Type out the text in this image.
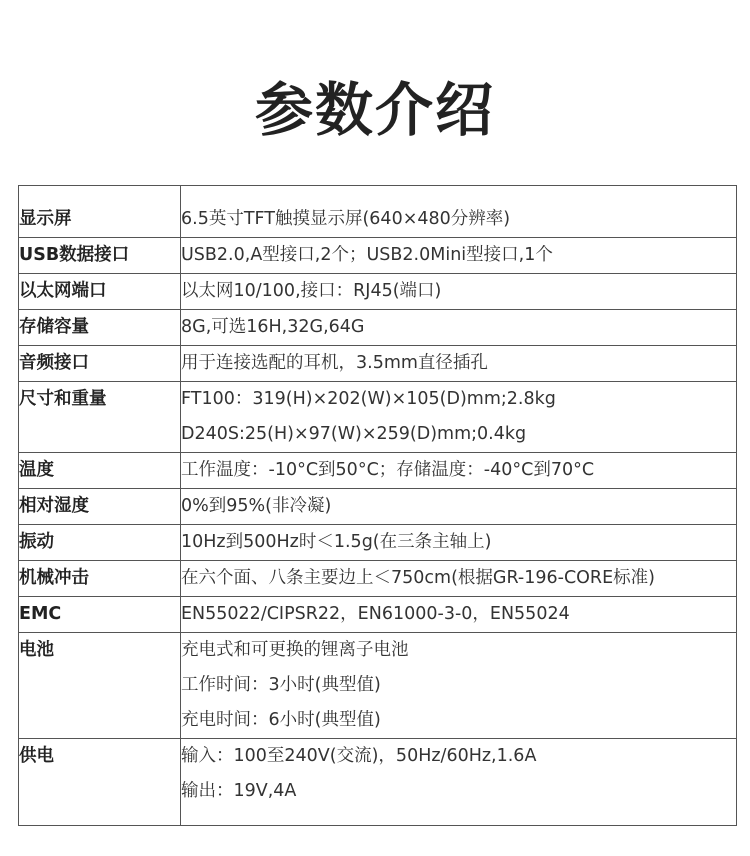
参数介绍
显示屏	6.5英寸TFT触摸显示屏(640×480分辨率)

USB数据接口	USB2.0,A型接口,2个；USB2.0Mini型接口,1个

以太网端口	以太网10/100,接口：RJ45(端口)

存储容量	8G,可选16H,32G,64G

音频接口	用于连接选配的耳机，3.5mm直径插孔

尺寸和重量	FT100：319(H)×202(W)×105(D)mm;2.8kg
D240S:25(H)×97(W)×259(D)mm;0.4kg

温度	工作温度：-10°C到50°C；存储温度：-40°C到70°C

相对湿度	0%到95%(非冷凝)

振动	10Hz到500Hz时＜1.5g(在三条主轴上)

机械冲击	在六个面、八条主要边上＜750cm(根据GR-196-CORE标准)

EMC	EN55022/CIPSR22，EN61000-3-0，EN55024

电池	充电式和可更换的锂离子电池
工作时间：3小时(典型值)
充电时间：6小时(典型值)

供电	输入：100至240V(交流)，50Hz/60Hz,1.6A
输出：19V,4A
